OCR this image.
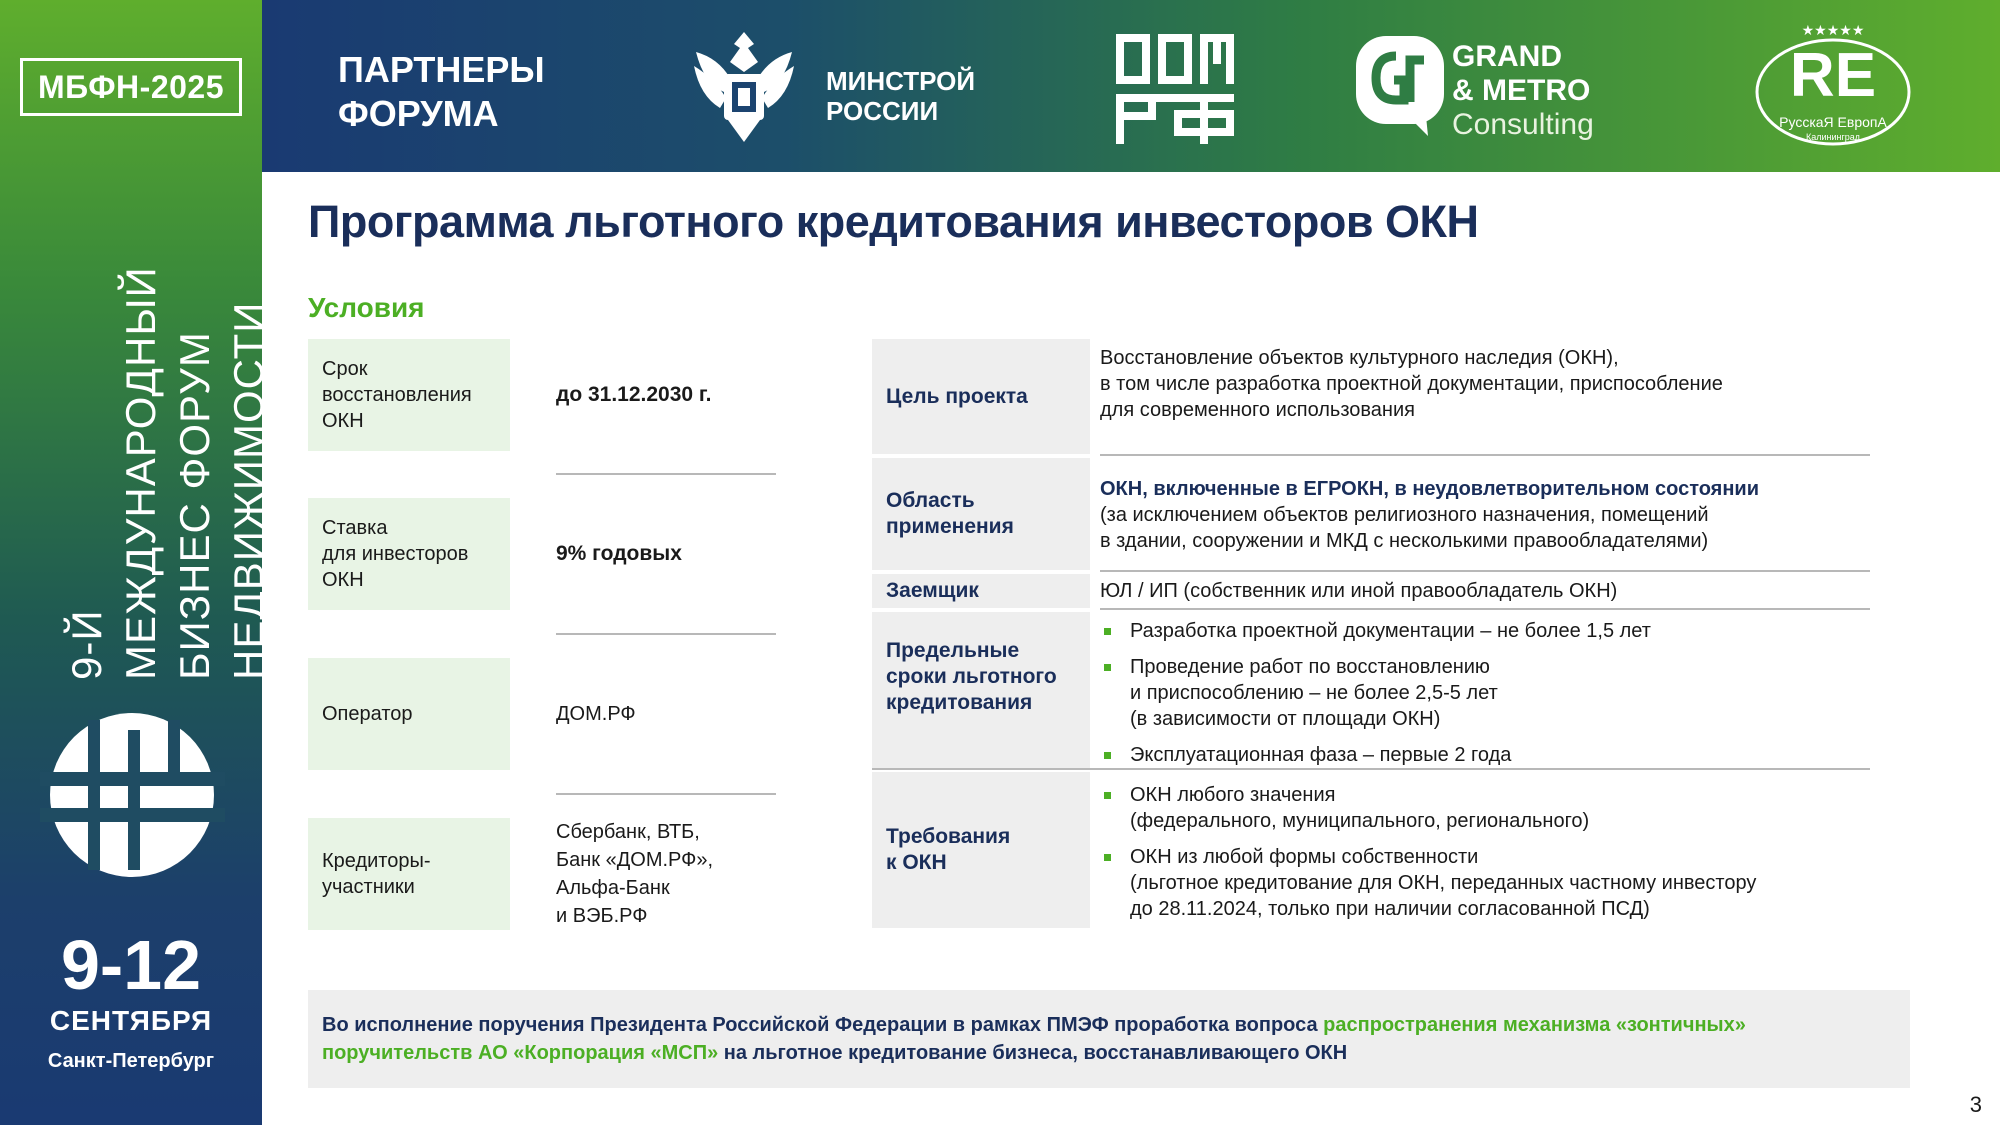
МБФН-2025
9-Й МЕЖДУНАРОДНЫЙ БИЗНЕС ФОРУМ НЕДВИЖИМОСТИ
9-12
СЕНТЯБРЯ
Санкт-Петербург
ПАРТНЕРЫ
ФОРУМА
МИНСТРОЙ
РОССИИ
GRAND
& METRO
Consulting
★★★★★
RE
РусскаЯ ЕвропА
Калининград
Программа льготного кредитования инвесторов ОКН
Условия
Срок
восстановления
ОКН
до 31.12.2030 г.
Ставка
для инвесторов
ОКН
9% годовых
Оператор	ДОМ.РФ
Кредиторы-
участники
Сбербанк, ВТБ,
Банк «ДОМ.РФ»,
Альфа-Банк
и ВЭБ.РФ
Цель проекта
Восстановление объектов культурного наследия (ОКН),
в том числе разработка проектной документации, приспособление
для современного использования
Область
применения
ОКН, включенные в ЕГРОКН, в неудовлетворительном состоянии
(за исключением объектов религиозного назначения, помещений
в здании, сооружении и МКД с несколькими правообладателями)
Заемщик	ЮЛ / ИП (собственник или иной правообладатель ОКН)
Предельные
сроки льготного
кредитования
Разработка проектной документации – не более 1,5 лет
Проведение работ по восстановлению
и приспособлению – не более 2,5-5 лет
(в зависимости от площади ОКН)
Эксплуатационная фаза – первые 2 года
Требования
к ОКН
ОКН любого значения
(федерального, муниципального, регионального)
ОКН из любой формы собственности
(льготное кредитование для ОКН, переданных частному инвестору
до 28.11.2024, только при наличии согласованной ПСД)
Во исполнение поручения Президента Российской Федерации в рамках ПМЭФ проработка вопроса распространения механизма «зонтичных» поручительств АО «Корпорация «МСП» на льготное кредитование бизнеса, восстанавливающего ОКН
3
